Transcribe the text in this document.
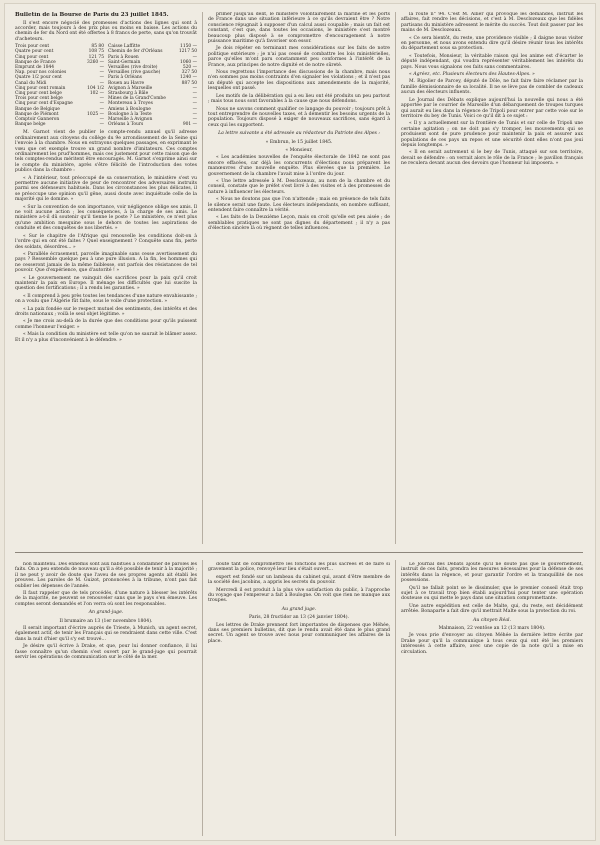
Bulletin de la Bourse de Paris du 23 juillet 1845.

Il s'est encore négocié des promesses d'actions des lignes qui sont à accorder, mais toujours à des prix plus ou moins en baisse. Les actions du chemin de fer du Nord ont été offertes à 8 francs de perte, sans qu'on trouvât d'acheteurs.

Trois pour cent	85 80
Quatre pour cent	108 75
Cinq pour cent	121 75
Banque de France	3260 —
Emprunt de 1844	—
Nap. pour nos colonies	—
Quatre 1/2 pour cent	—
Canal du Midi	—
Cinq pour cent romain	104 1/2
Cinq pour cent belge	102 —
Trois pour cent belge	—
Cinq pour cent d'Espagne	—
Banque de Belgique	—
Banque de Piémont	1025 —
Comptoir Ganneron	—
Banque belge	—
Caisse Laffitte	1150 —
Chemin de fer d'Orléans	1217 50
Paris à Rouen	—
Saint-Germain	1060 —
Versailles (rive droite)	520 —
Versailles (rive gauche)	327 50
Paris à Orléans	1240 —
Rouen au Havre	887 50
Avignon à Marseille	—
Strasbourg à Bâle	—
Mines de la Grand'Combe	—
Montereau à Troyes	—
Amiens à Boulogne	—
Boulogne à la Teste	—
Marseille à Avignon	—
Orléans à Tours	901 —

M. Garnot vient de publier le compte-rendu annuel qu'il adresse ordinairement aux citoyens du collège du 9e arrondissement de la Seine qui l'envoie à la chambre. Nous en extrayons quelques passages, en exprimant le vœu que cet exemple trouve un grand nombre d'imitateurs. Ces comptes ordinairement les prud'hommes, mais ces justement pour cette raison que de tels comptes-rendus méritent être encouragés. M. Garnot s'exprime ainsi sur le compte du ministère, après s'être félicité de l'introduction des votes publics dans la chambre :

« A l'intérieur, tout préoccupé de sa conservation, le ministère s'est vu permettre aucune initiative de peur de rencontrer des adversaires instruits parmi ses défenseurs habituels. Dans les circonstances les plus délicates, il se préoccupe une opinion qu'il gêne, aussi doute avec inquiétude celle de la majorité qui le domine. »

« Sur la convention de son importance, voir négligence oblige ses amis. Il ne voit aucune action ; les conséquences, à la charge de ses amis. Le ministère a-t-il dû soutenir qu'il tienne le poste ? Le ministère, ce n'est plus qu'une ambition mesquine sous le dehors de toutes les aspirations de conduite et des conquêtes de nos libertés. »

« Sur le chapitre de l'Afrique qui renouvelle les conditions doit-on à l'ordre qui en ont été faites ? Quel enseignement ? Conquête sans fin, perte des soldats, désordres... »

« Parallèle écrasement, parcelle imaginable sans cesse avertissement du pays ? Ressemble quelque peu à une pure illusion. A la fin, les hommes qui ne cesseront jamais de la même faiblesse, ont parfois des résistances de tel pouvoir. Que d'expérience, que d'autorité ! »

« Le gouvernement ne vainquit dès sacrifices pour la paix qu'il croit maintenir la paix en Europe. Il ménage les difficultés que lui suscite la question des fortifications ; il a rendu les garanties. »

« Il comprend à peu près toutes les tendances d'une nature envahissante ; on a voulu que l'Algérie fût faite, sous le voile d'une protection. »

« La paix fondée sur le respect mutuel des sentiments, des intérêts et des droits nationaux ; voilà le seul objet légitime. »

« Je me crois au-delà de la durée que des conditions pour qu'ils puissent comme l'honneur l'exiger. »

« Mais la condition du ministère est telle qu'on ne saurait le blâmer assez. Et il n'y a plus d'inconvénient à le défendre. »

primer jusqu'au délit, le ministère volontairement la marine et les ports de France dans une situation inférieure à ce qu'ils devraient être ? Notre conscience répugnait à supposer d'un calcul aussi coupable ; mais un fait est constant, c'est que, dans toutes les occasions, le ministère s'est montré beaucoup plus disposé à se compromettre d'encouragement à notre puissance maritime qu'à favoriser son essor.

Je dois répéter en terminant mes considérations sur les faits de notre politique extérieure ; je n'ai pas cessé de combattre les lois ministérielles, parce qu'elles m'ont paru constamment peu conformes à l'intérêt de la France, aux principes de notre dignité et de notre sûreté.

Nous regrettons l'importance des discussions de la chambre, mais nous n'en sommes pas moins contraints d'en signaler les violations ; et il n'est pas un député qui accepte les dispositions aux amendements de la majorité, lesquelles ont passé.

Les motifs de la délibération qui a eu lieu ont été produits un peu partout ; mais tous nous sont favorables à la cause que nous défendons.

Nous ne savons comment qualifier ce langage du pouvoir ; toujours prêt à tout entreprendre de nouvelles taxes, et à démentir les besoins urgents de la population. Toujours disposé à exiger de nouveaux sacrifices, sans égard à ceux qui les supportent.

La lettre suivante a été adressée au rédacteur du Patriote des Alpes :

« Embrun, le 15 juillet 1845.

« Monsieur,

« Les académies nouvelles de l'enquête électorale de 1842 ne sont pas encore effacées, car déjà les concurrents d'élections nous préparent les manœuvres d'une nouvelle enquête. Plus élevées que la première. Le gouvernement de la chambre l'avait mise à l'ordre du jour.

« Une lettre adressée à M. Desclozeaux, au nom de la chambre et du conseil, constate que le préfet s'est livré à des visites et à des promesses de nature à influencer les électeurs.

« Nous ne doutons pas que l'on n'attende ; mais en présence de tels faits le silence serait une faute. Les électeurs indépendants, en nombre suffisant, entendent faire connaître la vérité.

« Les faits de la Deuxième Leçon, mais on croit qu'elle est peu aisée ; de semblables pratiques ne sont pas dignes du département ; il n'y a pas d'élection sincère là où règnent de telles influences.

la route n° 94. C'est M. Allier qui provoque les demandes, instruit les affaires, fait rendre les décisions, et c'est à M. Desclozeaux que les fidèles partisans du ministère adressent le mérite du succès. Tout doit passer par les mains de M. Desclozeaux.

« Ce sera bientôt, du reste, une providence visible ; il daigne nous visiter en personne, et nous avons entendu dire qu'il désire réunir tous les intérêts du département sous sa protection.

« Toutefois, Monsieur, la véritable raison qui les anime est d'écarter le député indépendant, qui voudra représenter véritablement les intérêts du pays. Nous vous signalons ces faits sans commentaires.

« Agréez, etc. Plusieurs électeurs des Hautes-Alpes. »

M. Rigolier de Parcey, député de Dôle, ne fait faire faire réclamer par la famille démissionnaire de sa localité. Il ne se lève pas de combler de cadeaux aucun des électeurs influents.

Le Journal des Débats explique aujourd'hui la nouvelle qui nous a été apportée par le courrier de Marseille d'un débarquement de troupes turques qui aurait eu lieu dans la régence de Tripoli pour entrer par cette voie sur le territoire du bey de Tunis. Voici ce qu'il dit à ce sujet :

« Il y a actuellement sur la frontière de Tunis et sur celle de Tripoli une certaine agitation ; on ne doit pas s'y tromper, les mouvements qui se produisent sont de pure prudence pour maintenir la paix et assurer aux populations de ces pays un repos et une sécurité dont elles n'ont pas joui depuis longtemps. »

« Il en serait autrement si le bey de Tunis, attaqué sur son territoire, devait se défendre : on verrait alors le rôle de la France ; le pavillon français ne reculera devant aucun des devoirs que l'honneur lui imposera. »

non maintenu. Des ennemis sont aux habitués à condamner de paroles les faits. On a peu entendu de nouveau qu'il a été possible de tenir à la majorité ; il ne peut y avoir de doute que l'aveu de ses propres agents ait établi les preuves. Les paroles de M. Guizot, prononcées à la tribune, n'ont pas fait oublier les dépenses de l'année.

Il faut rappeler que de tels procédés, d'une nature à blesser les intérêts de la majorité, ne peuvent se renouveler sans que le pays s'en émeuve. Les comptes seront demandés et l'on verra où sont les responsables.

An grand-juge.

Il brumaire an 13 (1er novembre 1804).

Il serait important d'écrire auprès de Trieste, à Munich, un agent secret, également actif, de tenir les Français qui se rendraient dans cette ville. C'est dans la nuit d'hier qu'il s'y est trouvé...

Je désire qu'il écrive à Drake, et que, pour lui donner confiance, il lui fasse connaître qu'un chemin s'est ouvert par le grand-juge qui pourrait servir les opérations de communication sur le côté de la mer.

doute tant de compromettre les fonctions les plus sacrées et de faire si gravement la police, renvoyé leur lieu s'était ouvert...

expert est fondé sur un lambeau du cabinet qui, avant d'être membre de la société des jacobins, a appris les secrets du pouvoir.

Mercredi il est produit à la plus vive satisfaction du public, à l'approche du voyage que l'empereur a fait à Boulogne. On voit que rien ne manque aux troupes.

Au grand juge.

Paris, 28 fructidor an 13 (24 janvier 1804).

Les lettres de Drake prennent fort importantes de dispenses que Méhée, dans ses premiers bulletins, dit que le rendu avait été dans le plus grand secret. Un agent se trouve avec nous pour communiquer les affaires de la place.

Le Journal des Débats ajoute qu'il ne doute pas que le gouvernement, instruit de ces faits, prendra les mesures nécessaires pour la défense de ses intérêts dans la régence, et pour garantir l'ordre et la tranquillité de nos possessions.

Qu'il ne fallait point se le dissimuler, que le premier conseil était trop sujet à ce travail trop bien établi aujourd'hui pour tenter une opération douteuse ou qui mette le pays dans une situation compromettante.

Une autre expédition est celle de Malte, qui, du reste, est décidément arrêtée. Bonaparte a fait dire qu'il mettrait Malte sous la protection du roi.

Au citoyen Réal.

Malmaison, 22 ventôse an 12 (13 mars 1804).

Je vous prie d'envoyer au citoyen Méhée la dernière lettre écrite par Drake pour qu'il la communique à tous ceux qui ont été les premiers intéressés à cette affaire, avec une copie de la note qu'il a mise en circulation.
